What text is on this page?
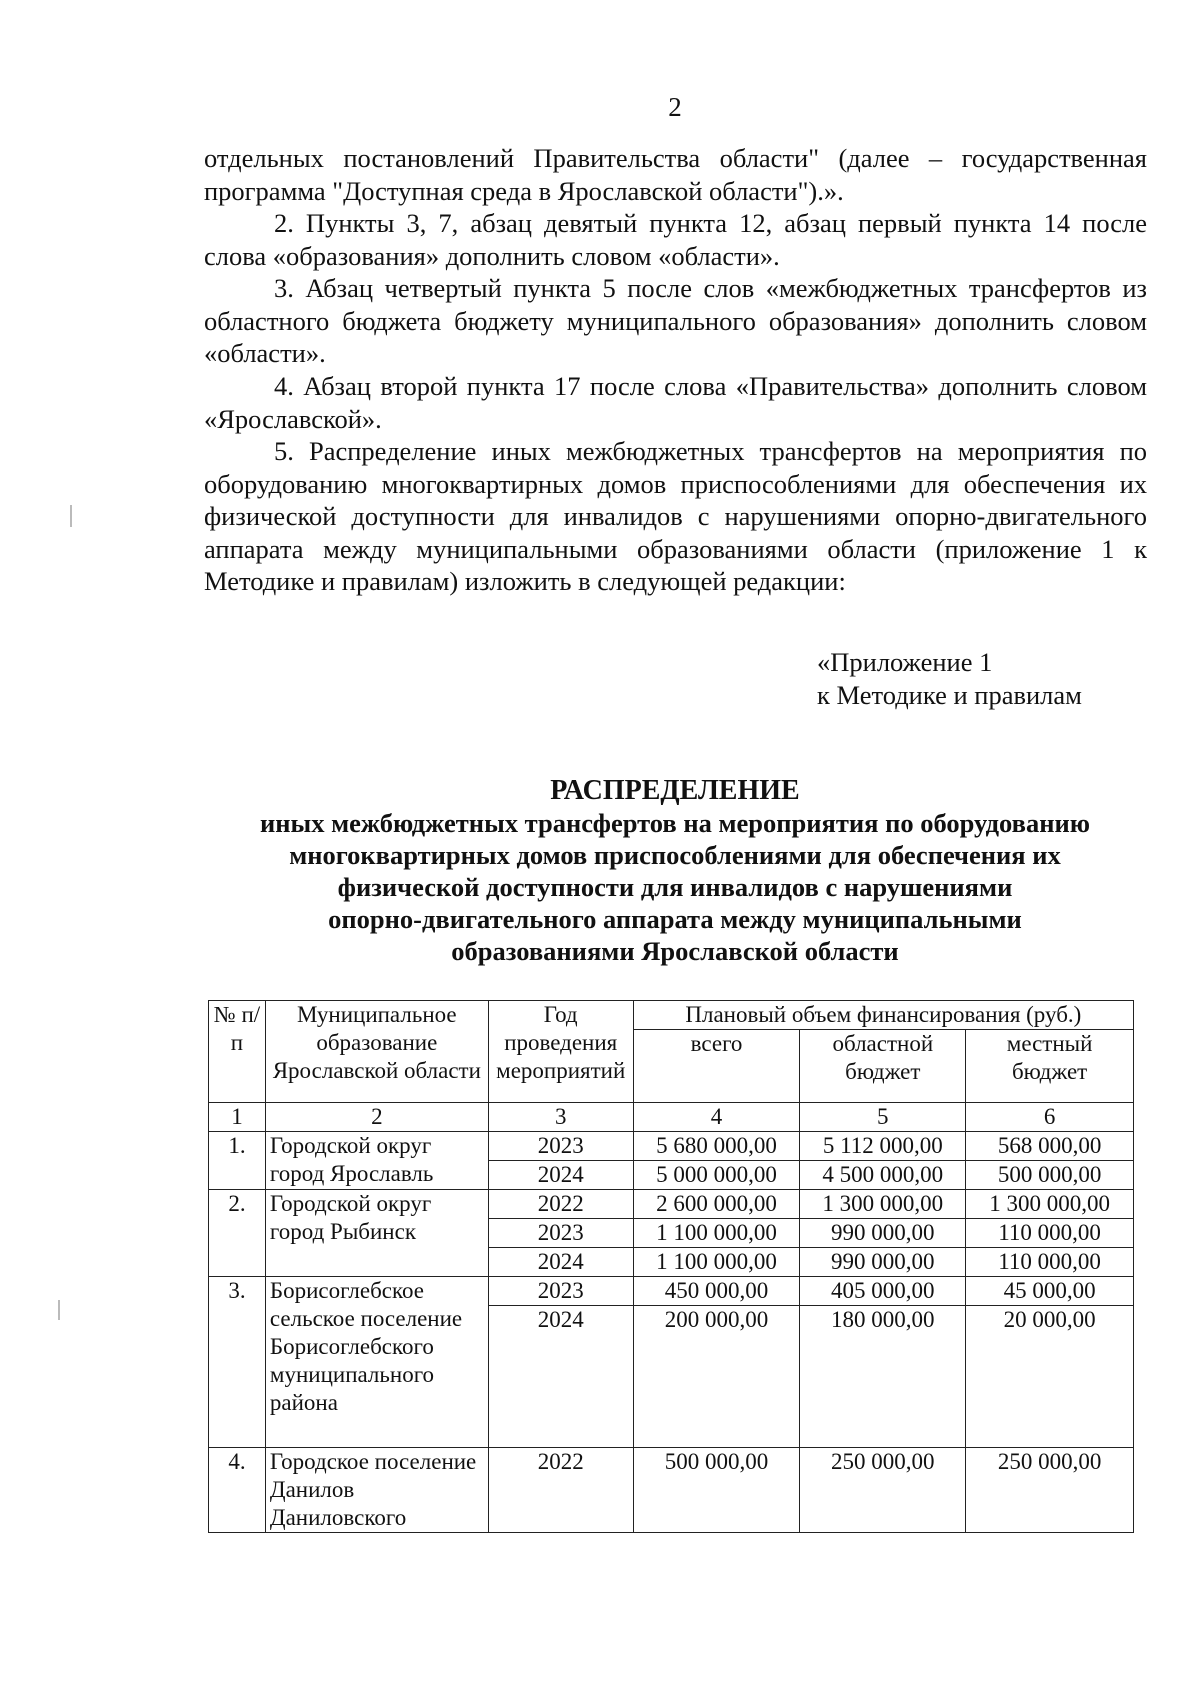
2

отдельных постановлений Правительства области" (далее – государственная программа "Доступная среда в Ярославской области").».

2. Пункты 3, 7, абзац девятый пункта 12, абзац первый пункта 14 после слова «образования» дополнить словом «области».

3. Абзац четвертый пункта 5 после слов «межбюджетных трансфертов из областного бюджета бюджету муниципального образования» дополнить словом «области».

4. Абзац второй пункта 17 после слова «Правительства» дополнить словом «Ярославской».

5. Распределение иных межбюджетных трансфертов на мероприятия по оборудованию многоквартирных домов приспособлениями для обеспечения их физической доступности для инвалидов с нарушениями опорно-двигательного аппарата между муниципальными образованиями области (приложение 1 к Методике и правилам) изложить в следующей редакции:

«Приложение 1
к Методике и правилам
РАСПРЕДЕЛЕНИЕ
иных межбюджетных трансфертов на мероприятия по оборудованию
многоквартирных домов приспособлениями для обеспечения их
физической доступности для инвалидов с нарушениями
опорно-двигательного аппарата между муниципальными
образованиями Ярославской области
№ п/п	Муниципальное образование Ярославской области	Год проведения мероприятий	Плановый объем финансирования (руб.)		
			всего	областной бюджет	местный бюджет
1	2	3	4	5	6
1.	Городской округ город Ярославль	2023	5 680 000,00	5 112 000,00	568 000,00
		2024	5 000 000,00	4 500 000,00	500 000,00
2.	Городской округ город Рыбинск	2022	2 600 000,00	1 300 000,00	1 300 000,00
		2023	1 100 000,00	990 000,00	110 000,00
		2024	1 100 000,00	990 000,00	110 000,00
3.	Борисоглебское сельское поселение Борисоглебского муниципального района	2023	450 000,00	405 000,00	45 000,00
		2024	200 000,00	180 000,00	20 000,00
4.	Городское поселение Данилов Даниловского	2022	500 000,00	250 000,00	250 000,00
